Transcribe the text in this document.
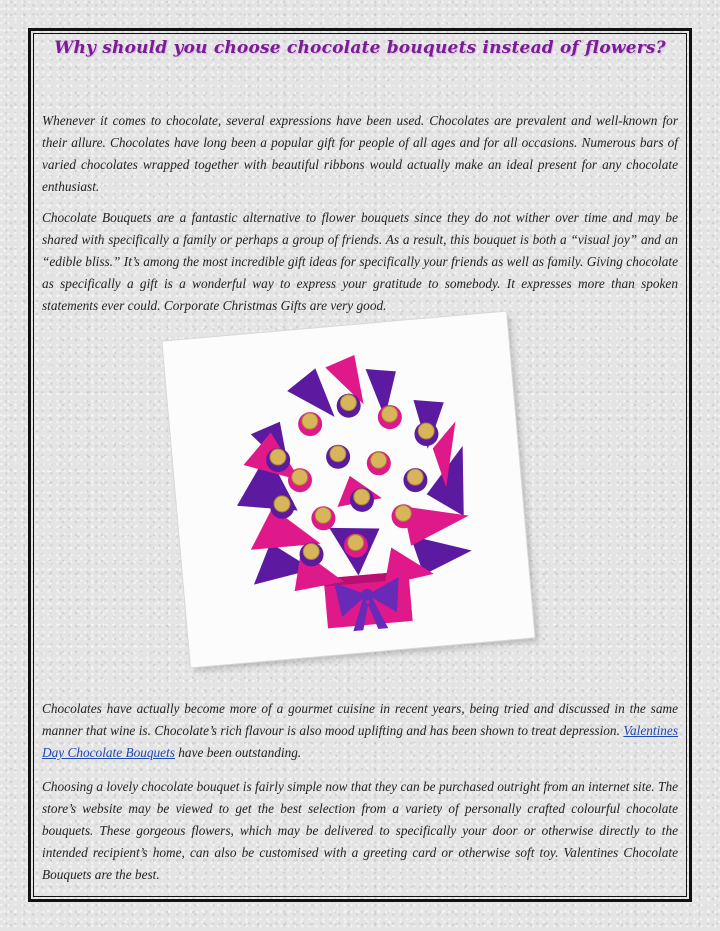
Why should you choose chocolate bouquets instead of flowers?

Whenever it comes to chocolate, several expressions have been used. Chocolates are prevalent and well-known for their allure. Chocolates have long been a popular gift for people of all ages and for all occasions. Numerous bars of varied chocolates wrapped together with beautiful ribbons would actually make an ideal present for any chocolate enthusiast.

Chocolate Bouquets are a fantastic alternative to flower bouquets since they do not wither over time and may be shared with specifically a family or perhaps a group of friends. As a result, this bouquet is both a “visual joy” and an “edible bliss.” It’s among the most incredible gift ideas for specifically your friends as well as family. Giving chocolate as specifically a gift is a wonderful way to express your gratitude to somebody. It expresses more than spoken statements ever could. Corporate Christmas Gifts are very good.

Chocolates have actually become more of a gourmet cuisine in recent years, being tried and discussed in the same manner that wine is. Chocolate’s rich flavour is also mood uplifting and has been shown to treat depression. Valentines Day Chocolate Bouquets have been outstanding.

Choosing a lovely chocolate bouquet is fairly simple now that they can be purchased outright from an internet site. The store’s website may be viewed to get the best selection from a variety of personally crafted colourful chocolate bouquets. These gorgeous flowers, which may be delivered to specifically your door or otherwise directly to the intended recipient’s home, can also be customised with a greeting card or otherwise soft toy. Valentines Chocolate Bouquets are the best.
